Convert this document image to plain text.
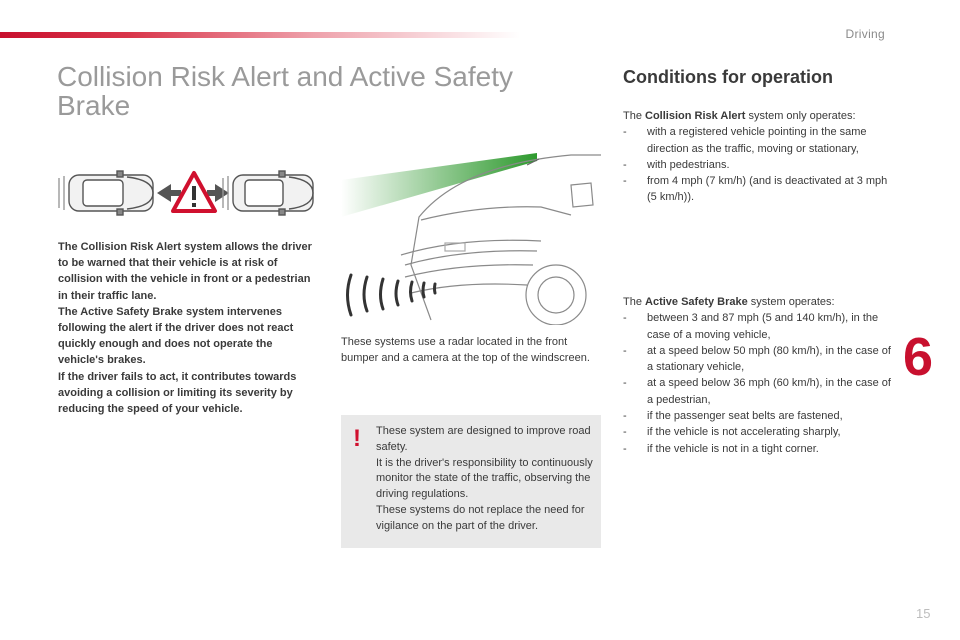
Driving
Collision Risk Alert and Active Safety Brake

The Collision Risk Alert system allows the driver to be warned that their vehicle is at risk of collision with the vehicle in front or a pedestrian in their traffic lane.

The Active Safety Brake system intervenes following the alert if the driver does not react quickly enough and does not operate the vehicle's brakes.

If the driver fails to act, it contributes towards avoiding a collision or limiting its severity by reducing the speed of your vehicle.

These systems use a radar located in the front bumper and a camera at the top of the windscreen.

! These system are designed to improve road safety.

It is the driver's responsibility to continuously monitor the state of the traffic, observing the driving regulations.

These systems do not replace the need for vigilance on the part of the driver.

Conditions for operation

The Collision Risk Alert system only operates:

- with a registered vehicle pointing in the same direction as the traffic, moving or stationary,
- with pedestrians.
- from 4 mph (7 km/h) (and is deactivated at 3 mph (5 km/h)).

The Active Safety Brake system operates:

- between 3 and 87 mph (5 and 140 km/h), in the case of a moving vehicle,
- at a speed below 50 mph (80 km/h), in the case of a stationary vehicle,
- at a speed below 36 mph (60 km/h), in the case of a pedestrian,
- if the passenger seat belts are fastened,
- if the vehicle is not accelerating sharply,
- if the vehicle is not in a tight corner.
6
15
